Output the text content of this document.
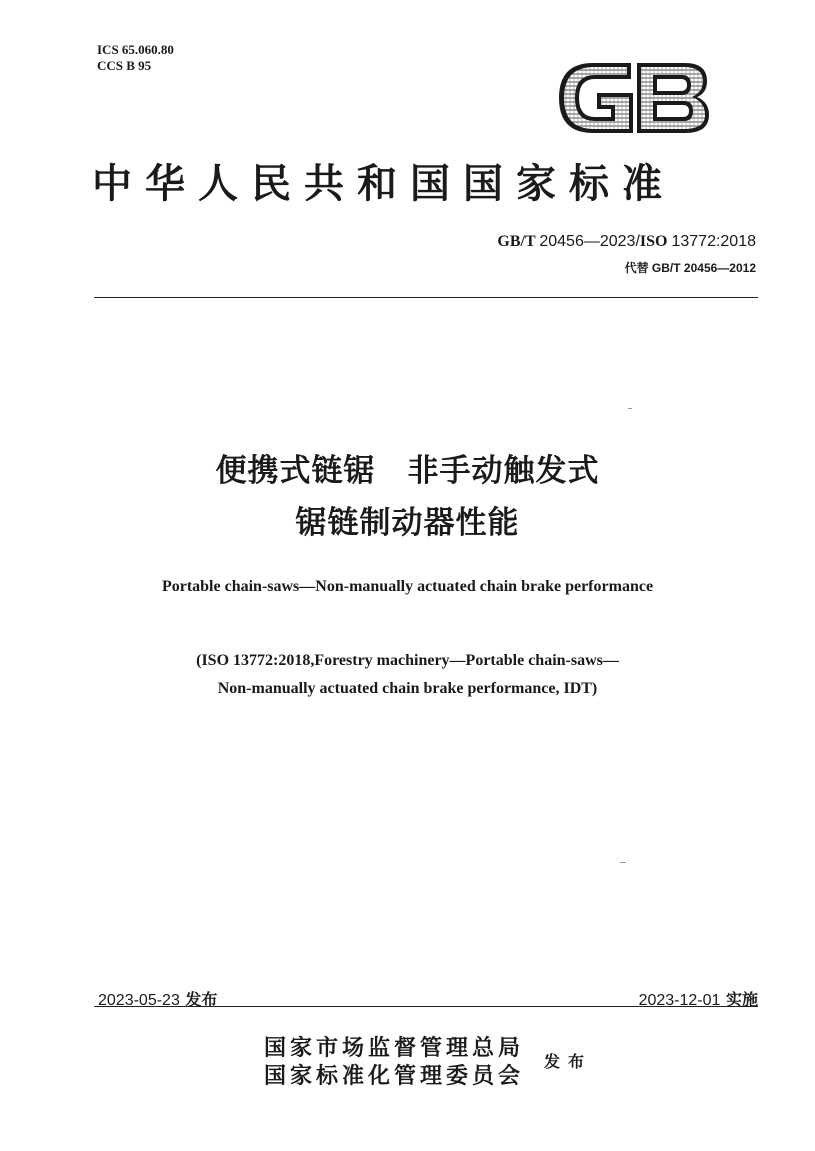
ICS 65.060.80
CCS B 95
GB
中华人民共和国国家标准
GB/T 20456—2023/ISO 13772:2018
代替 GB/T 20456—2012
便携式链锯　非手动触发式
锯链制动器性能
Portable chain-saws—Non-manually actuated chain brake performance
(ISO 13772:2018,Forestry machinery—Portable chain-saws—
Non-manually actuated chain brake performance, IDT)
2023-05-23 发布	2023-12-01 实施
国家市场监督管理总局
国家标准化管理委员会
发布
